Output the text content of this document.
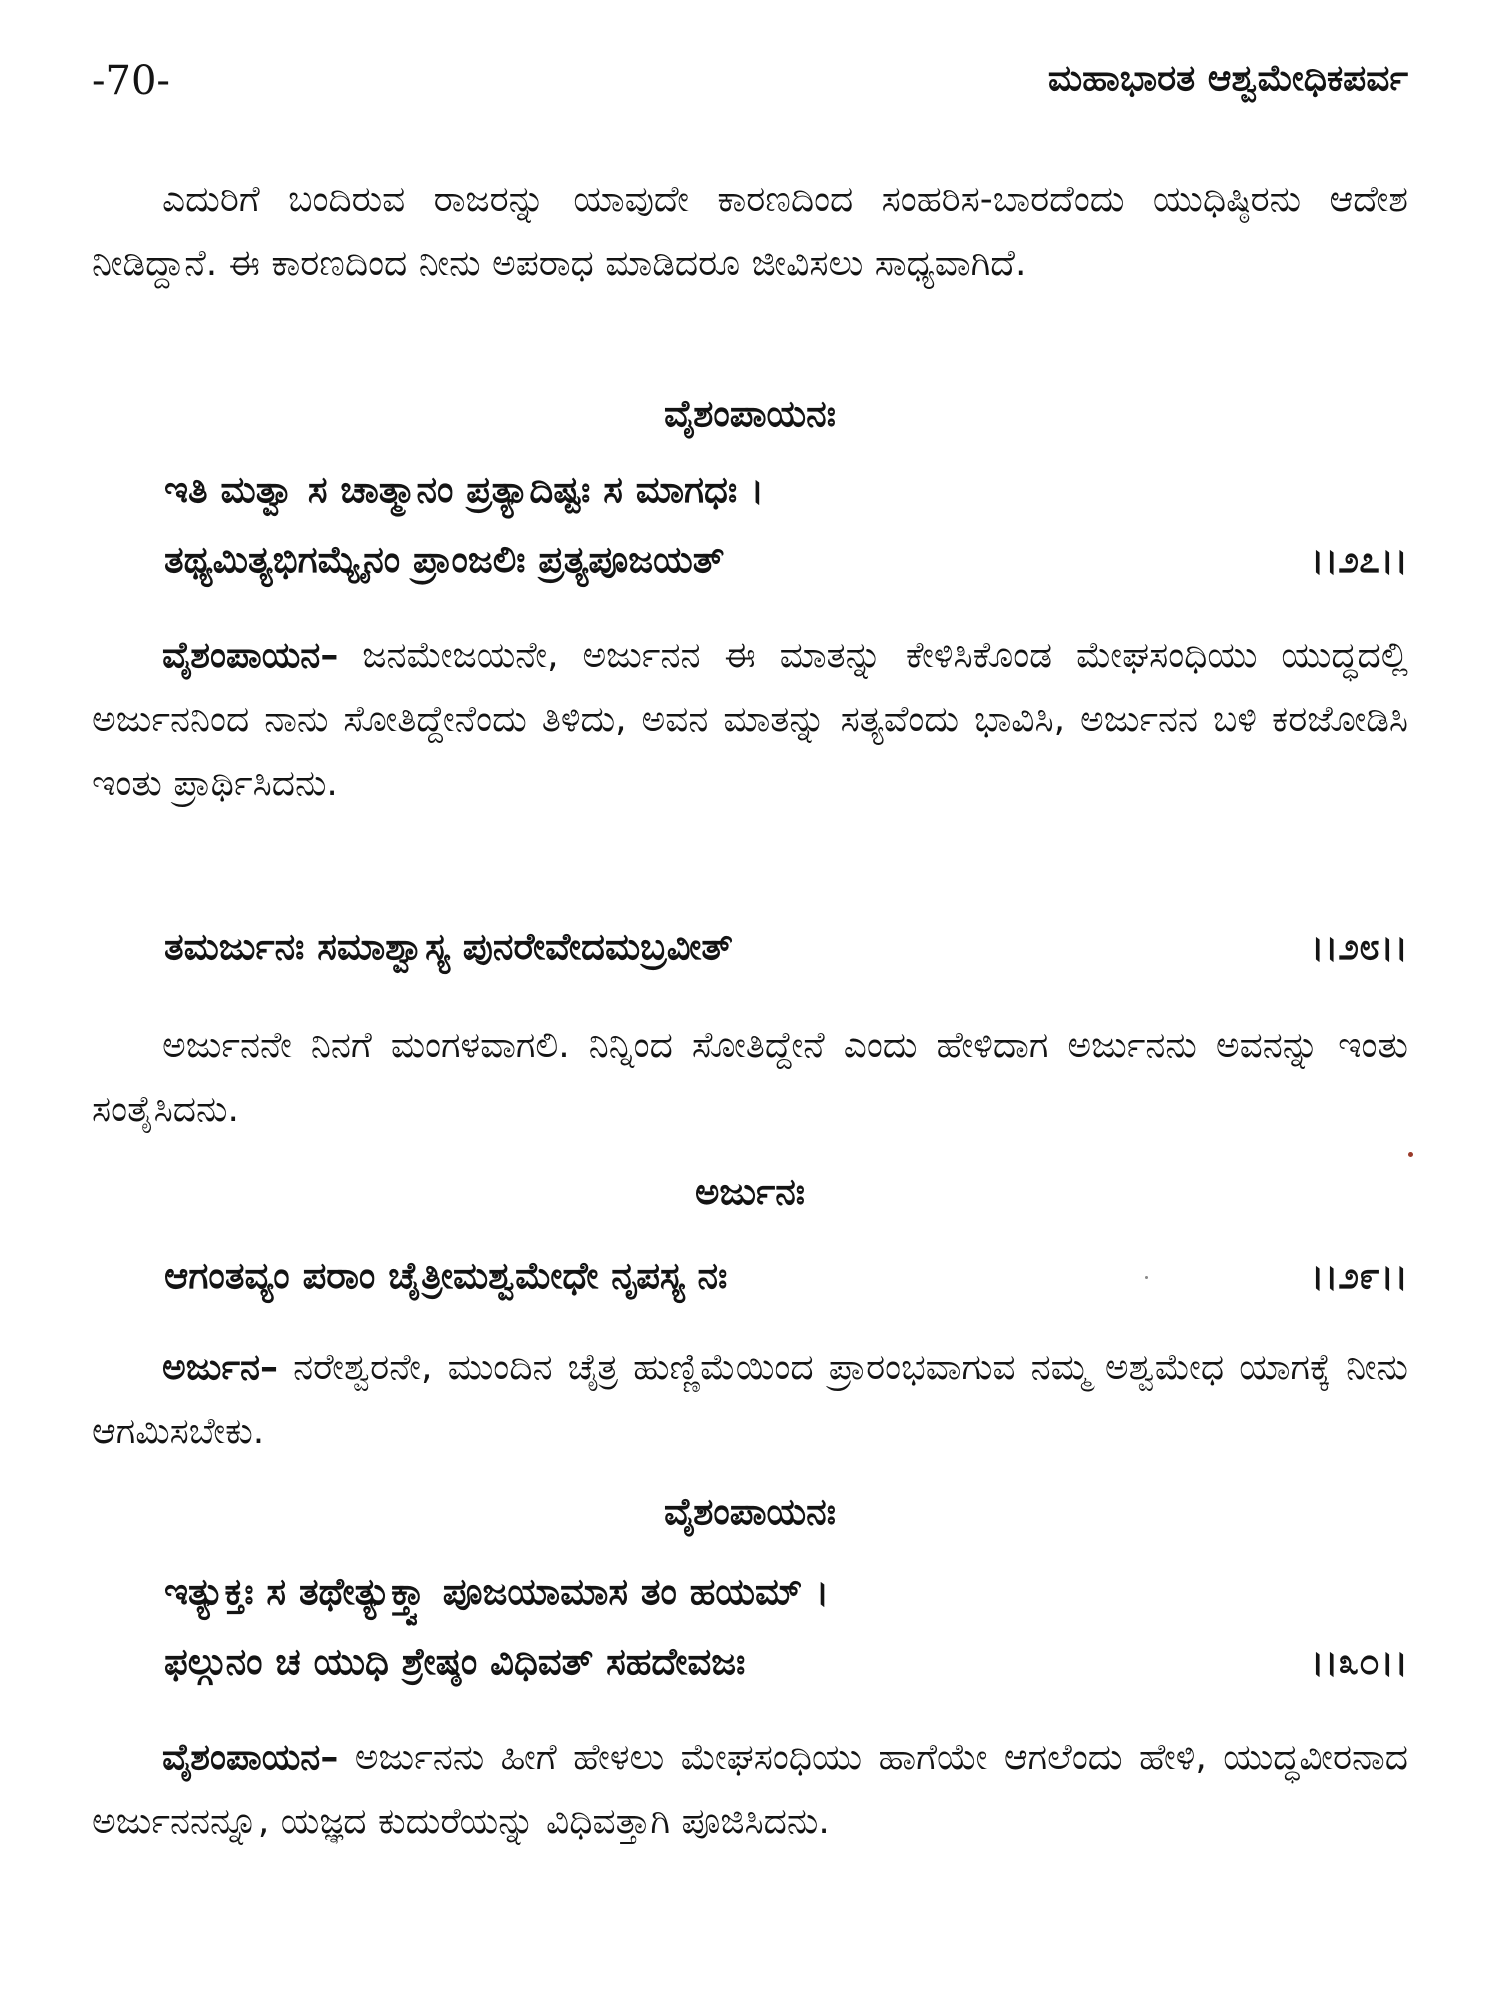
-70-	ಮಹಾಭಾರತ ಆಶ್ವಮೇಧಿಕಪರ್ವ

ಎದುರಿಗೆ ಬಂದಿರುವ ರಾಜರನ್ನು ಯಾವುದೇ ಕಾರಣದಿಂದ ಸಂಹರಿಸ-ಬಾರದೆಂದು ಯುಧಿಷ್ಠಿರನು ಆದೇಶ ನೀಡಿದ್ದಾನೆ. ಈ ಕಾರಣದಿಂದ ನೀನು ಅಪರಾಧ ಮಾಡಿದರೂ ಜೀವಿಸಲು ಸಾಧ್ಯವಾಗಿದೆ.

ವೈಶಂಪಾಯನಃ
ಇತಿ ಮತ್ವಾ ಸ ಚಾತ್ಮಾನಂ ಪ್ರತ್ಯಾದಿಷ್ಟಃ ಸ ಮಾಗಧಃ ।
ತಥ್ಯಮಿತ್ಯಭಿಗಮ್ಯೈನಂ ಪ್ರಾಂಜಲಿಃ ಪ್ರತ್ಯಪೂಜಯತ್	।।೨೭।।

ವೈಶಂಪಾಯನ– ಜನಮೇಜಯನೇ, ಅರ್ಜುನನ ಈ ಮಾತನ್ನು ಕೇಳಿಸಿಕೊಂಡ ಮೇಘಸಂಧಿಯು ಯುದ್ಧದಲ್ಲಿ ಅರ್ಜುನನಿಂದ ನಾನು ಸೋತಿದ್ದೇನೆಂದು ತಿಳಿದು, ಅವನ ಮಾತನ್ನು ಸತ್ಯವೆಂದು ಭಾವಿಸಿ, ಅರ್ಜುನನ ಬಳಿ ಕರಜೋಡಿಸಿ ಇಂತು ಪ್ರಾರ್ಥಿಸಿದನು.

ತಮರ್ಜುನಃ ಸಮಾಶ್ವಾಸ್ಯ ಪುನರೇವೇದಮಬ್ರವೀತ್	।।೨೮।।

ಅರ್ಜುನನೇ ನಿನಗೆ ಮಂಗಳವಾಗಲಿ. ನಿನ್ನಿಂದ ಸೋತಿದ್ದೇನೆ ಎಂದು ಹೇಳಿದಾಗ ಅರ್ಜುನನು ಅವನನ್ನು ಇಂತು ಸಂತೈಸಿದನು.

ಅರ್ಜುನಃ
ಆಗಂತವ್ಯಂ ಪರಾಂ ಚೈತ್ರೀಮಶ್ವಮೇಧೇ ನೃಪಸ್ಯ ನಃ	।।೨೯।।

ಅರ್ಜುನ– ನರೇಶ್ವರನೇ, ಮುಂದಿನ ಚೈತ್ರ ಹುಣ್ಣಿಮೆಯಿಂದ ಪ್ರಾರಂಭವಾಗುವ ನಮ್ಮ ಅಶ್ವಮೇಧ ಯಾಗಕ್ಕೆ ನೀನು ಆಗಮಿಸಬೇಕು.

ವೈಶಂಪಾಯನಃ
ಇತ್ಯುಕ್ತಃ ಸ ತಥೇತ್ಯುಕ್ತ್ವಾ ಪೂಜಯಾಮಾಸ ತಂ ಹಯಮ್ ।
ಫಲ್ಗುನಂ ಚ ಯುಧಿ ಶ್ರೇಷ್ಠಂ ವಿಧಿವತ್ ಸಹದೇವಜಃ	।।೩೦।।

ವೈಶಂಪಾಯನ– ಅರ್ಜುನನು ಹೀಗೆ ಹೇಳಲು ಮೇಘಸಂಧಿಯು ಹಾಗೆಯೇ ಆಗಲೆಂದು ಹೇಳಿ, ಯುದ್ಧವೀರನಾದ ಅರ್ಜುನನನ್ನೂ, ಯಜ್ಞದ ಕುದುರೆಯನ್ನು ವಿಧಿವತ್ತಾಗಿ ಪೂಜಿಸಿದನು.
